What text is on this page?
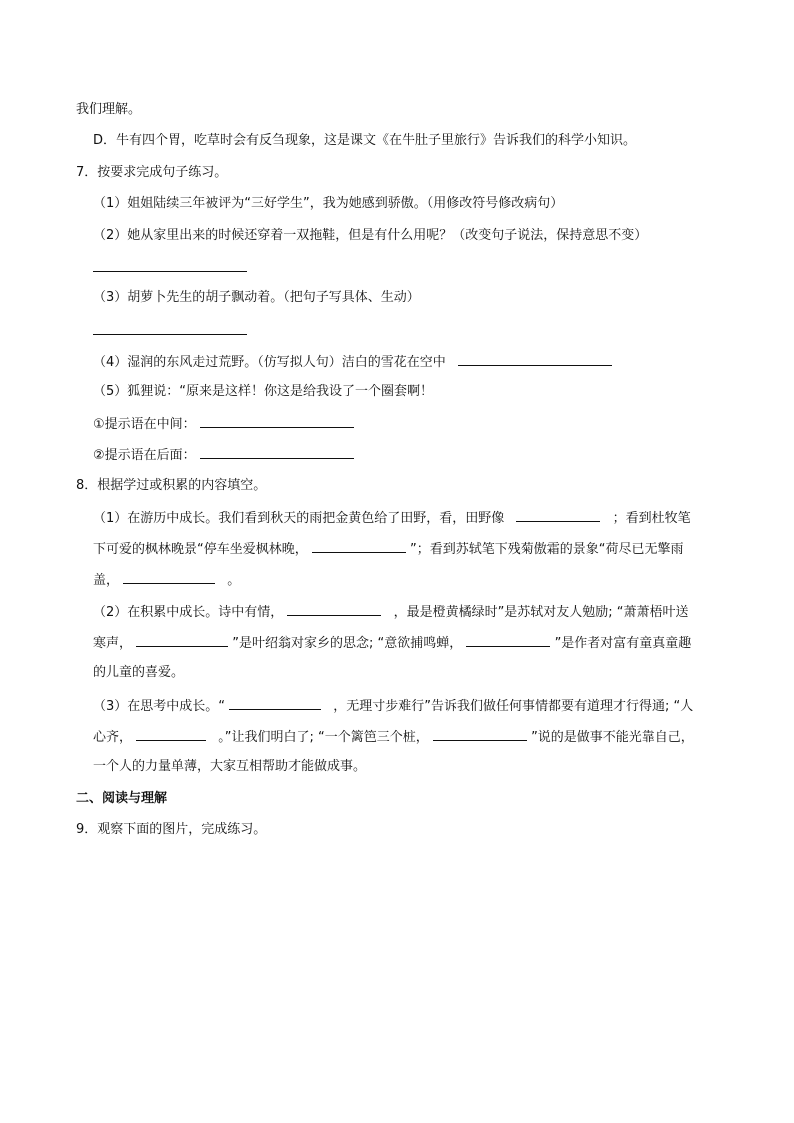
我们理解。
D．牛有四个胃，吃草时会有反刍现象，这是课文《在牛肚子里旅行》告诉我们的科学小知识。
7．按要求完成句子练习。
（1）姐姐陆续三年被评为“三好学生”，我为她感到骄傲。（用修改符号修改病句）
（2）她从家里出来的时候还穿着一双拖鞋，但是有什么用呢？（改变句子说法，保持意思不变）
（3）胡萝卜先生的胡子飘动着。（把句子写具体、生动）
（4）湿润的东风走过荒野。（仿写拟人句）洁白的雪花在空中
（5）狐狸说：“原来是这样！你这是给我设了一个圈套啊！
①提示语在中间：
②提示语在后面：
8．根据学过或积累的内容填空。
（1）在游历中成长。我们看到秋天的雨把金黄色给了田野，看，田野像	；看到杜牧笔
下可爱的枫林晚景“停车坐爱枫林晚，	”；看到苏轼笔下残菊傲霜的景象“荷尽已无擎雨
盖，	。
（2）在积累中成长。诗中有情，	，最是橙黄橘绿时”是苏轼对友人勉励; “萧萧梧叶送
寒声，	”是叶绍翁对家乡的思念; “意欲捕鸣蝉，	”是作者对富有童真童趣
的儿童的喜爱。
（3）在思考中成长。“	，无理寸步难行”告诉我们做任何事情都要有道理才行得通; “人
心齐，	。”让我们明白了; “一个篱笆三个桩，	”说的是做事不能光靠自己，
一个人的力量单薄，大家互相帮助才能做成事。
二、阅读与理解
9．观察下面的图片，完成练习。
